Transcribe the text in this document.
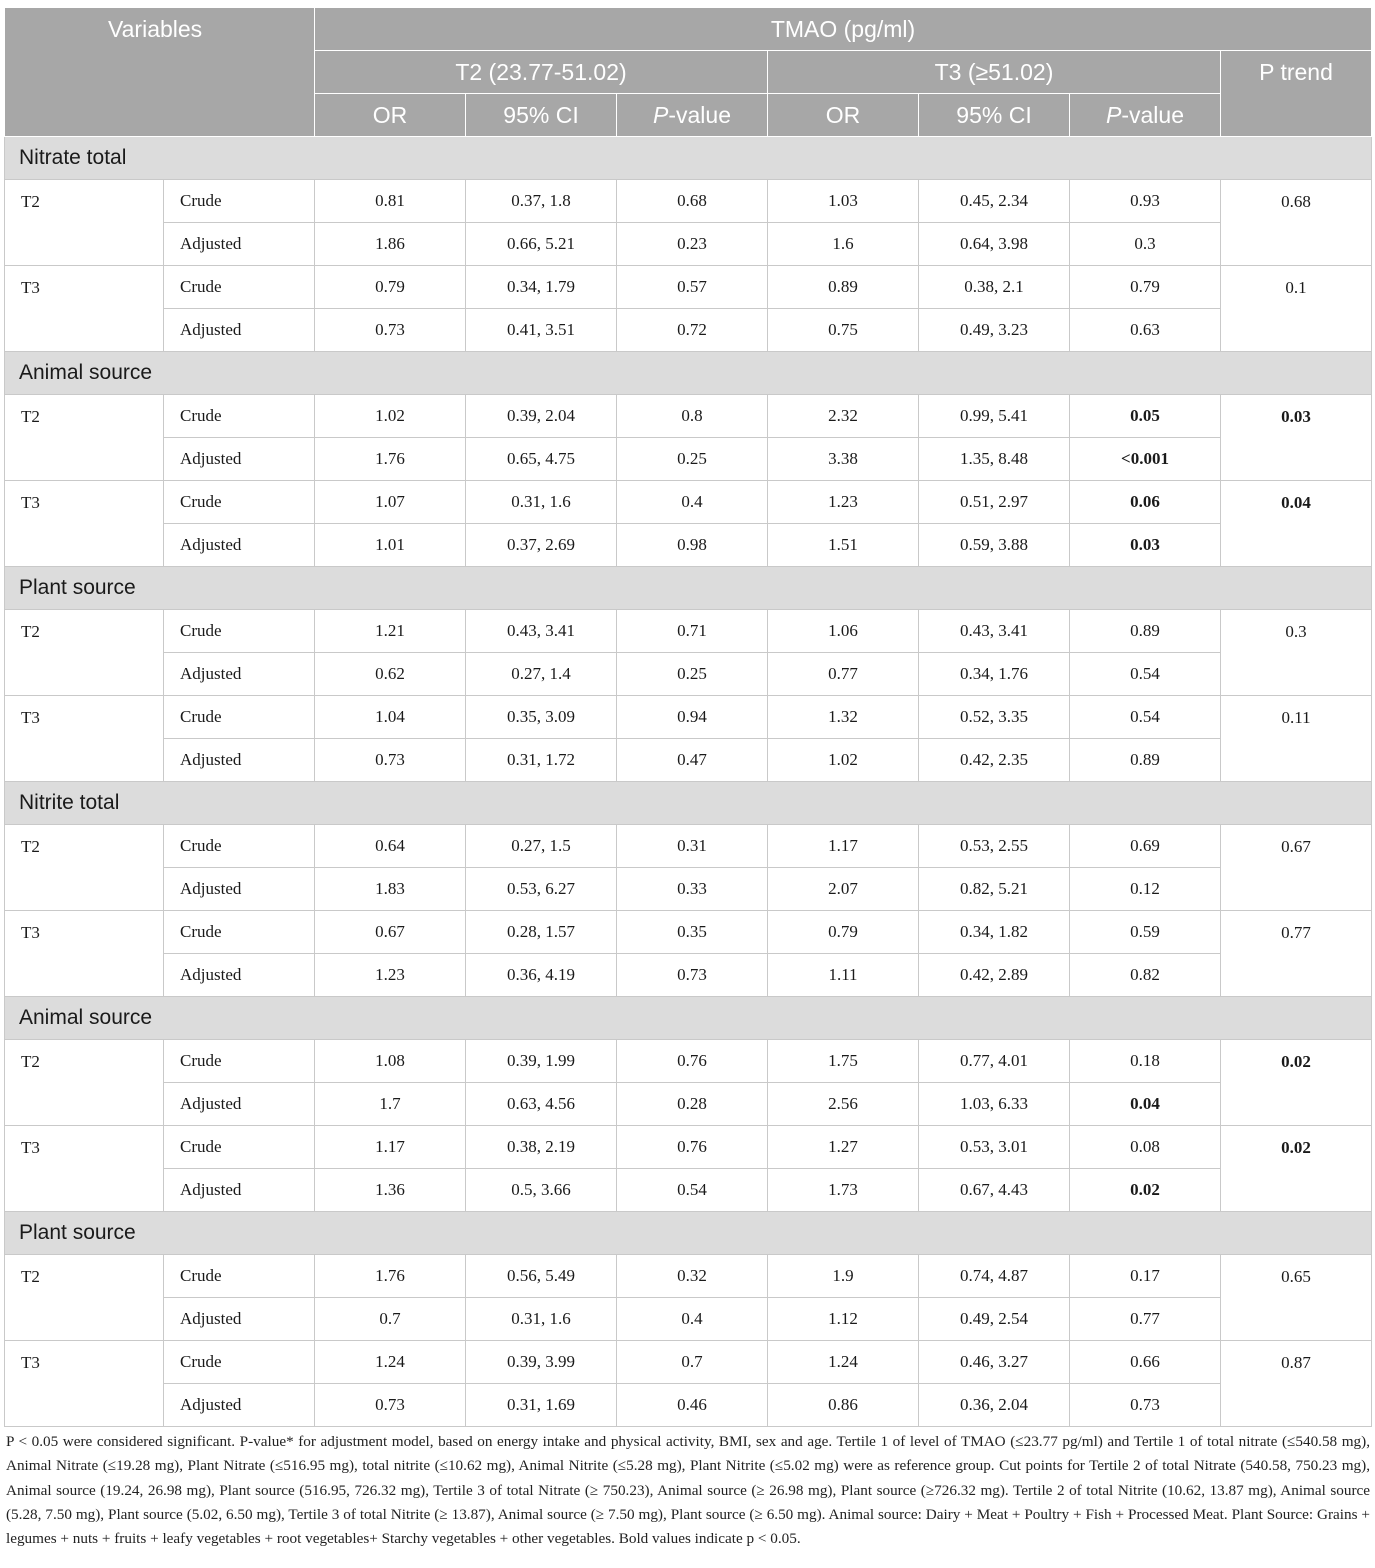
Variables		TMAO (pg/ml)						
		T2 (23.77-51.02)			T3 (≥51.02)			P trend
		OR	95% CI	P-value	OR	95% CI	P-value	
Nitrate total								
T2	Crude	0.81	0.37, 1.8	0.68	1.03	0.45, 2.34	0.93	0.68
	Adjusted	1.86	0.66, 5.21	0.23	1.6	0.64, 3.98	0.3	
T3	Crude	0.79	0.34, 1.79	0.57	0.89	0.38, 2.1	0.79	0.1
	Adjusted	0.73	0.41, 3.51	0.72	0.75	0.49, 3.23	0.63	
Animal source								
T2	Crude	1.02	0.39, 2.04	0.8	2.32	0.99, 5.41	0.05	0.03
	Adjusted	1.76	0.65, 4.75	0.25	3.38	1.35, 8.48	<0.001	
T3	Crude	1.07	0.31, 1.6	0.4	1.23	0.51, 2.97	0.06	0.04
	Adjusted	1.01	0.37, 2.69	0.98	1.51	0.59, 3.88	0.03	
Plant source								
T2	Crude	1.21	0.43, 3.41	0.71	1.06	0.43, 3.41	0.89	0.3
	Adjusted	0.62	0.27, 1.4	0.25	0.77	0.34, 1.76	0.54	
T3	Crude	1.04	0.35, 3.09	0.94	1.32	0.52, 3.35	0.54	0.11
	Adjusted	0.73	0.31, 1.72	0.47	1.02	0.42, 2.35	0.89	
Nitrite total								
T2	Crude	0.64	0.27, 1.5	0.31	1.17	0.53, 2.55	0.69	0.67
	Adjusted	1.83	0.53, 6.27	0.33	2.07	0.82, 5.21	0.12	
T3	Crude	0.67	0.28, 1.57	0.35	0.79	0.34, 1.82	0.59	0.77
	Adjusted	1.23	0.36, 4.19	0.73	1.11	0.42, 2.89	0.82	
Animal source								
T2	Crude	1.08	0.39, 1.99	0.76	1.75	0.77, 4.01	0.18	0.02
	Adjusted	1.7	0.63, 4.56	0.28	2.56	1.03, 6.33	0.04	
T3	Crude	1.17	0.38, 2.19	0.76	1.27	0.53, 3.01	0.08	0.02
	Adjusted	1.36	0.5, 3.66	0.54	1.73	0.67, 4.43	0.02	
Plant source								
T2	Crude	1.76	0.56, 5.49	0.32	1.9	0.74, 4.87	0.17	0.65
	Adjusted	0.7	0.31, 1.6	0.4	1.12	0.49, 2.54	0.77	
T3	Crude	1.24	0.39, 3.99	0.7	1.24	0.46, 3.27	0.66	0.87
	Adjusted	0.73	0.31, 1.69	0.46	0.86	0.36, 2.04	0.73	
P < 0.05 were considered significant. P-value* for adjustment model, based on energy intake and physical activity, BMI, sex and age. Tertile 1 of level of TMAO (≤23.77 pg/ml) and Tertile 1 of total nitrate (≤540.58 mg), Animal Nitrate (≤19.28 mg), Plant Nitrate (≤516.95 mg), total nitrite (≤10.62 mg), Animal Nitrite (≤5.28 mg), Plant Nitrite (≤5.02 mg) were as reference group. Cut points for Tertile 2 of total Nitrate (540.58, 750.23 mg), Animal source (19.24, 26.98 mg), Plant source (516.95, 726.32 mg), Tertile 3 of total Nitrate (≥ 750.23), Animal source (≥ 26.98 mg), Plant source (≥726.32 mg). Tertile 2 of total Nitrite (10.62, 13.87 mg), Animal source (5.28, 7.50 mg), Plant source (5.02, 6.50 mg), Tertile 3 of total Nitrite (≥ 13.87), Animal source (≥ 7.50 mg), Plant source (≥ 6.50 mg). Animal source: Dairy + Meat + Poultry + Fish + Processed Meat. Plant Source: Grains + legumes + nuts + fruits + leafy vegetables + root vegetables+ Starchy vegetables + other vegetables. Bold values indicate p < 0.05.
